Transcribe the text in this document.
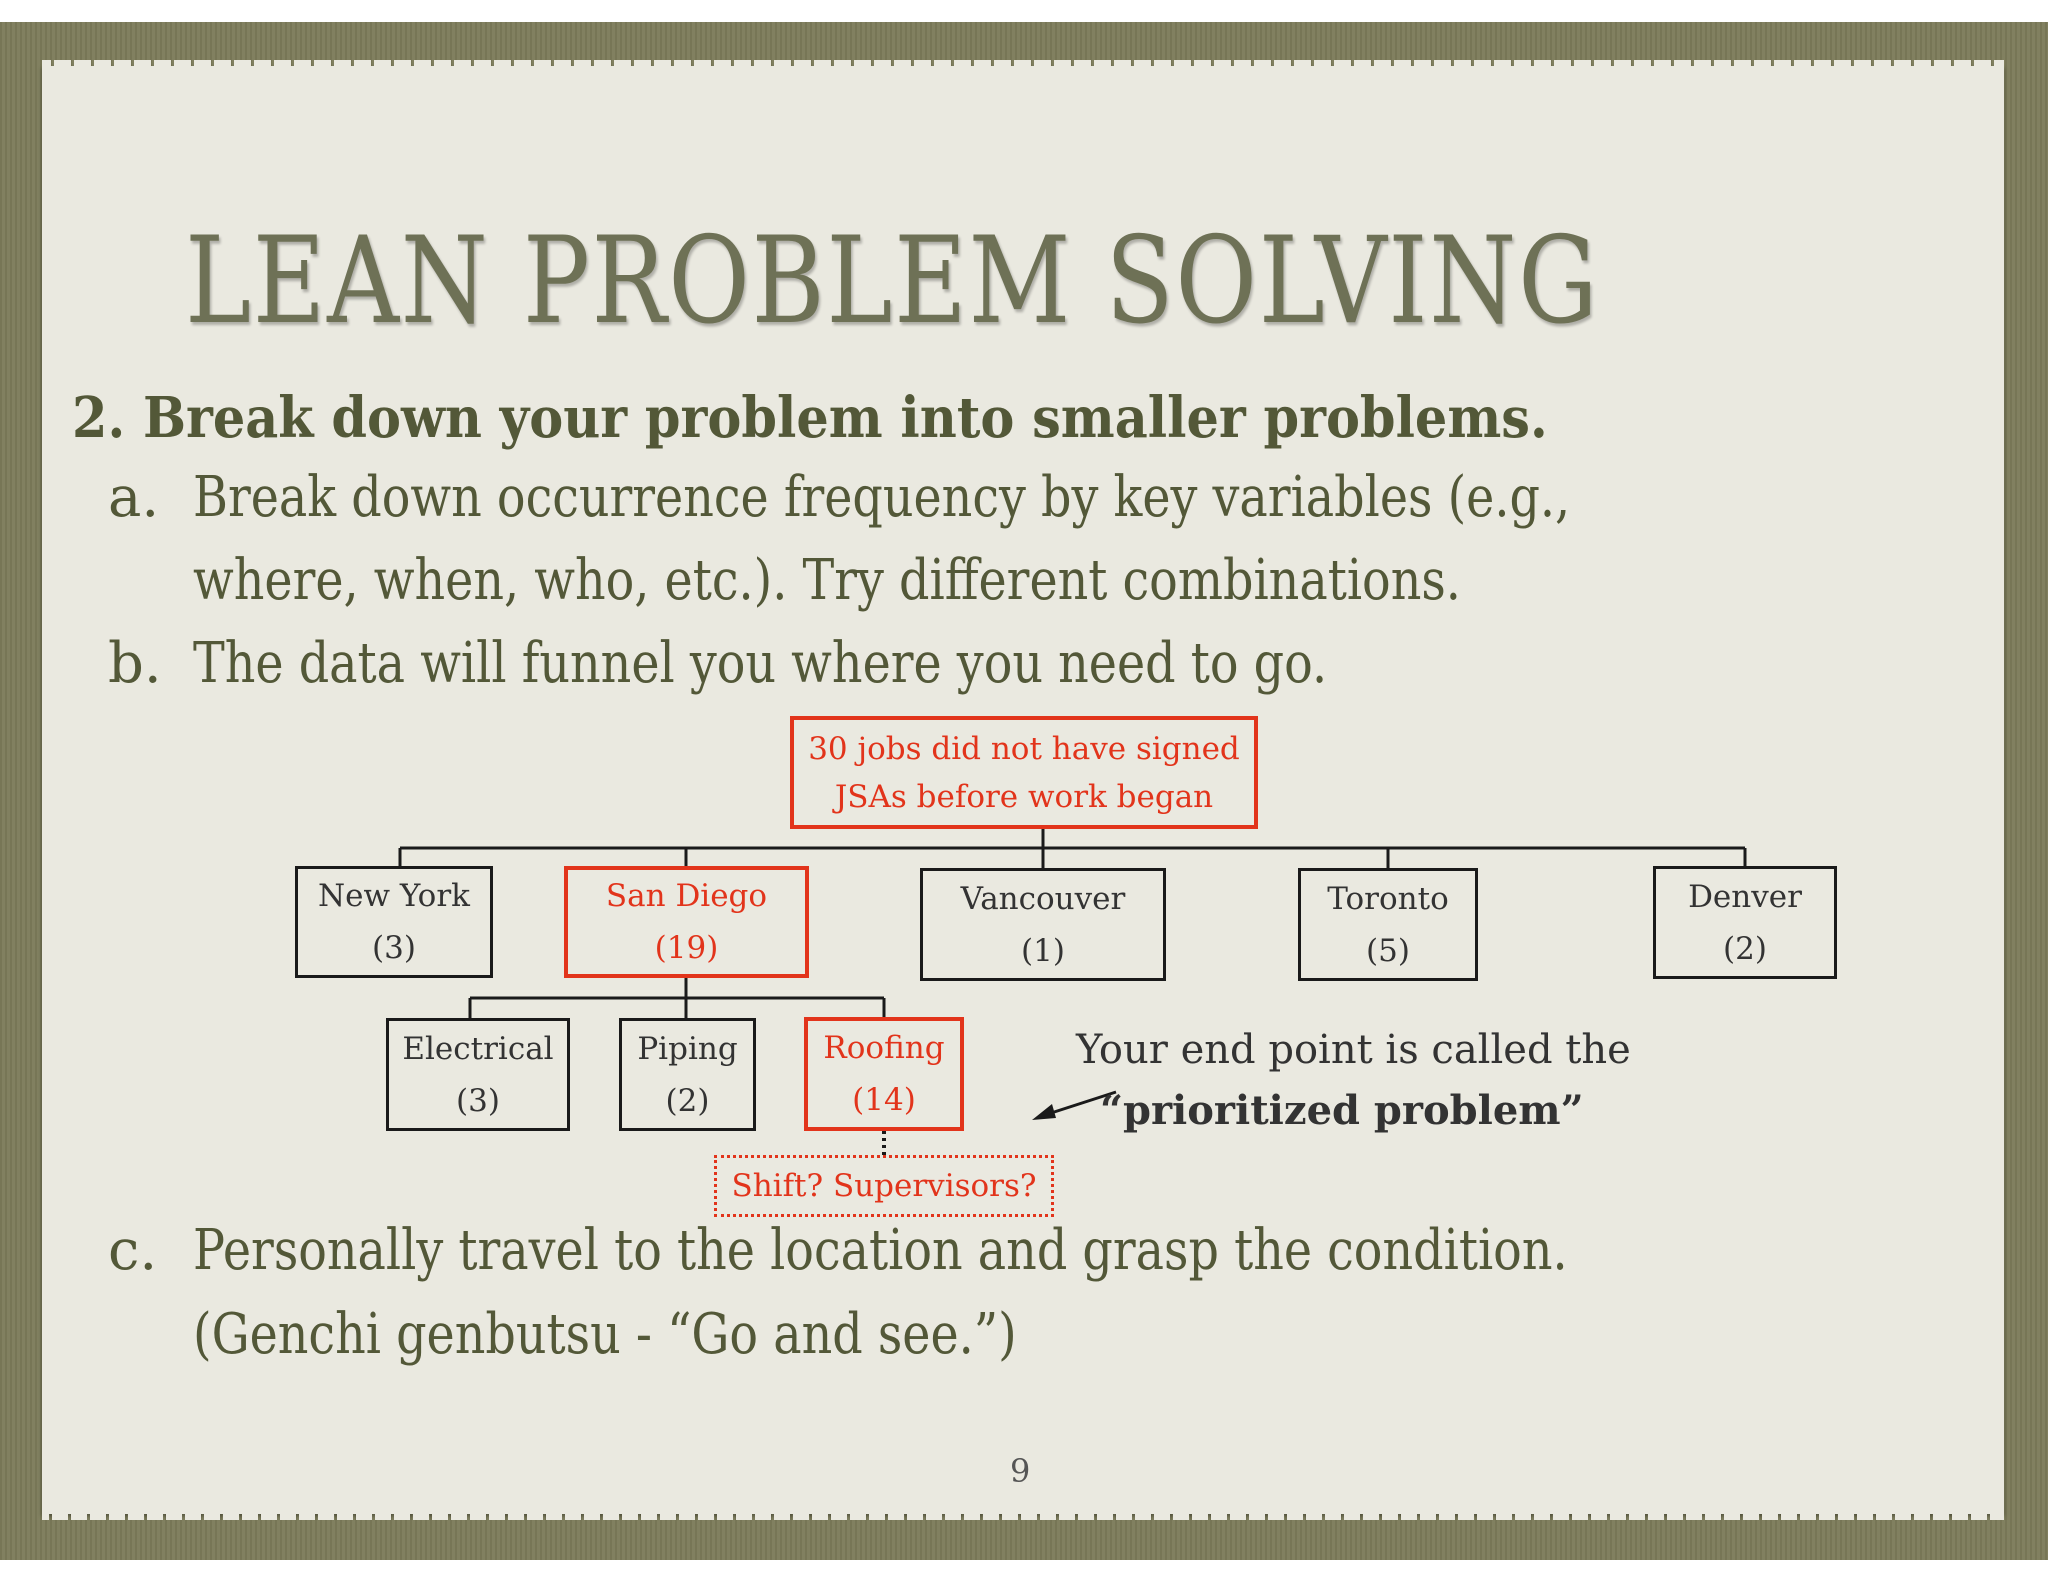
LEAN PROBLEM SOLVING
2. Break down your problem into smaller problems.
a. Break down occurrence frequency by key variables (e.g.,
where, when, who, etc.). Try different combinations.
b. The data will funnel you where you need to go.
30 jobs did not have signed
JSAs before work began
New York
(3)
San Diego
(19)
Vancouver
(1)
Toronto
(5)
Denver
(2)
Electrical
(3)
Piping
(2)
Roofing
(14)
Shift? Supervisors?
Your end point is called the
“prioritized problem”
c. Personally travel to the location and grasp the condition.
(Genchi genbutsu - “Go and see.”)
9
